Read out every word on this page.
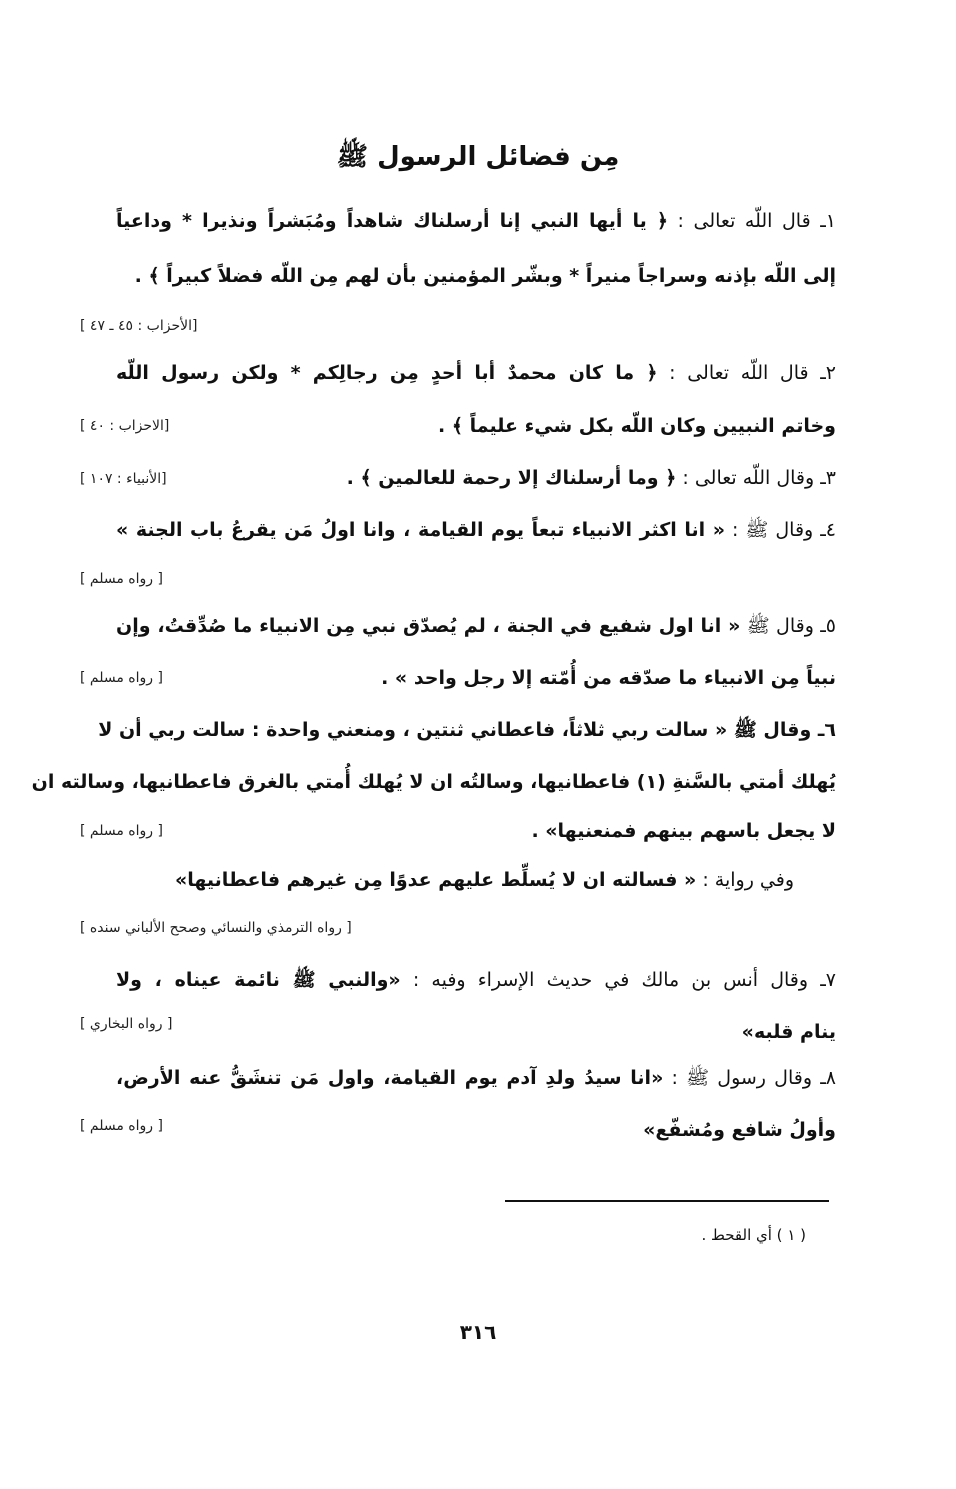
مِن فضائل الرسول ﷺ
١ـ قال اللّه تعالى : ﴿ يا أيها النبي إنا أرسلناك شاهداً ومُبَشراً ونذيرا * وداعياً
إلى اللّه بإذنه وسراجاً منيراً * وبشّر المؤمنين بأن لهم مِن اللّه فضلاً كبيراً ﴾ .
[الأحزاب : ٤٥ ـ ٤٧ ]
٢ـ قال اللّه تعالى : ﴿ ما كان محمدٌ أبا أحدٍ مِن رجالِكم * ولكن رسول اللّه
وخاتم النبيين وكان اللّه بكل شيء عليماً ﴾ .
[الاحزاب : ٤٠ ]
٣ـ وقال اللّه تعالى : ﴿ وما أرسلناك إلا رحمة للعالمين ﴾ .
[الأنبياء : ١٠٧ ]
٤ـ وقال ﷺ : « انا اكثر الانبياء تبعاً يوم القيامة ، وانا اولُ مَن يقرعُ باب الجنة »
[ رواه مسلم ]
٥ـ وقال ﷺ « انا اول شفيع في الجنة ، لم يُصدّق نبي مِن الانبياء ما صُدِّقتُ، وإن
نبياً مِن الانبياء ما صدّقه من أُمّته إلا رجل واحد » .
[ رواه مسلم ]
٦ـ وقال ﷺ « سالت ربي ثلاثاً، فاعطاني ثنتين ، ومنعني واحدة : سالت ربي أن لا
يُهلك أمتي بالسَّنةِ (١) فاعطانيها، وسالتُه ان لا يُهلك أُمتي بالغرق فاعطانيها، وسالته ان
لا يجعل باسهم بينهم فمنعنيها» .
[ رواه مسلم ]
وفي رواية : « فسالته ان لا يُسلِّط عليهم عدوًا مِن غيرهم فاعطانيها»
[ رواه الترمذي والنسائي وصحح الألباني سنده ]
٧ـ وقال أنس بن مالك في حديث الإسراء وفيه : «والنبي ﷺ نائمة عيناه ، ولا
ينام قلبه»
[ رواه البخاري ]
٨ـ وقال رسول ﷺ : «انا سيدُ ولدِ آدم يوم القيامة، واول مَن تنشَقُّ عنه الأرض،
وأولُ شافع ومُشفّع»
[ رواه مسلم ]
( ١ ) أي القحط .
٣١٦
